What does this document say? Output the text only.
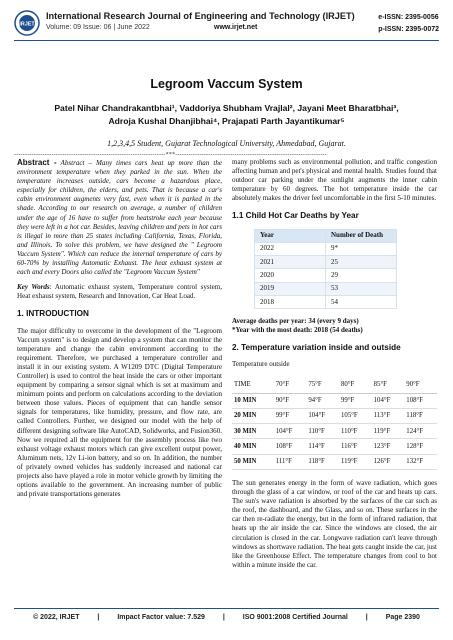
IRJET
International Research Journal of Engineering and Technology (IRJET)
Volume: 09 Issue: 06 | June 2022	www.irjet.net
e-ISSN: 2395-0056
p-ISSN: 2395-0072
Legroom Vaccum System
Patel Nihar Chandrakantbhai¹, Vaddoriya Shubham Vrajlal², Jayani Meet Bharatbhai³,
Adroja Kushal Dhanjibhai⁴, Prajapati Parth Jayantikumar⁵
1,2,3,4,5 Student, Gujarat Technological University, Ahmedabad, Gujarat.
---------------------------------------------------------------------***---------------------------------------------------------------------

Abstract - Abstract – Many times cars heat up more than the environment temperature when they parked in the sun. When the temperature increases outside, cars become a hazardous place, especially for children, the elders, and pets. That is because a car's cabin environment augments very fast, even when it is parked in the shade. According to our research on average, a number of children under the age of 16 have to suffer from heatstroke each year because they were left in a hot car. Besides, leaving children and pets in hot cars is illegal in more than 25 states including California, Texas, Florida, and Illinois. To solve this problem, we have designed the " Legroom Vaccum System". Which can reduce the internal temperature of cars by 60-70% by installing Automatic Exhaust. The heat exhaust system at each and every Doors also called the "Legroom Vaccum System"

Key Words: Automatic exhaust system, Temperature control system, Heat exhaust system, Research and Innovation, Car Heat Load.

1. INTRODUCTION

The major difficulty to overcome in the development of the "Legroom Vaccum system" is to design and develop a system that can monitor the temperature and change the cabin environment according to the requirement. Therefore, we purchased a temperature controller and install it in our existing system. A W1209 DTC (Digital Temperature Controller) is used to control the heat inside the cars or other important equipment by comparing a sensor signal which is set at maximum and minimum points and perform on calculations according to the deviation between those values. Pieces of equipment that can handle sensor signals for temperatures, like humidity, pressure, and flow rate, are called Controllers. Further, we designed our model with the help of different designing software like AutoCAD, Solidworks, and Fusion360. Now we required all the equipment for the assembly process like two exhaust voltage exhaust motors which can give excellent output power, Aluminum nets, 12v Li-ion battery, and so on. In addition, the number of privately owned vehicles has suddenly increased and national car projects also have played a role in motor vehicle growth by limiting the options available to the government. An increasing number of public and private transportations generates

many problems such as environmental pollution, and traffic congestion affecting human and pet's physical and mental health. Studies found that outdoor car parking under the sunlight augments the inner cabin temperature by 60 degrees. The hot temperature inside the car absolutely makes the driver feel uncomfortable in the first 5-10 minutes.

1.1 Child Hot Car Deaths by Year
Year	Number of Death
2022	9*
2021	25
2020	29
2019	53
2018	54
Average deaths per year: 34 (every 9 days)
*Year with the most death: 2018 (54 deaths)
2. Temperature variation inside and outside
Temperature outside
TIME	70°F	75°F	80°F	85°F	90°F
10 MIN	90°F	94°F	99°F	104°F	108°F
20 MIN	99°F	104°F	105°F	113°F	118°F
30 MIN	104°F	110°F	110°F	119°F	124°F
40 MIN	108°F	114°F	116°F	123°F	128°F
50 MIN	111°F	118°F	119°F	126°F	132°F

The sun generates energy in the form of wave radiation, which goes through the glass of a car window, or roof of the car and heats up cars. The sun's wave radiation is absorbed by the surfaces of the car such as the roof, the dashboard, and the Glass, and so on. These surfaces in the car then re-radiate the energy, but in the form of infrared radiation, that heats up the air inside the car. Since the windows are closed, the air circulation is closed in the car. Longwave radiation can't leave through windows as shortwave radiation. The heat gets caught inside the car, just like the Greenhouse Effect. The temperature changes from cool to hot within a minute inside the car.

© 2022, IRJET	|	Impact Factor value: 7.529	|	ISO 9001:2008 Certified Journal	|	Page 2390
